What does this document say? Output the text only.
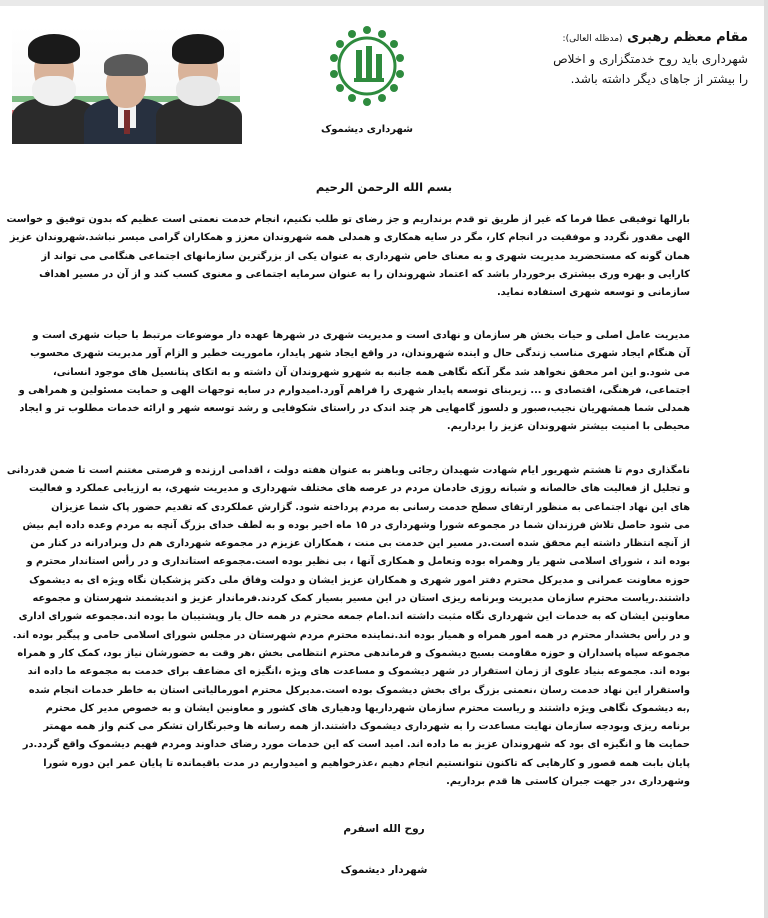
شهرداری دیشموک
مقام معظم رهبری (مدظله العالی):
شهرداری باید روح خدمتگزاری و اخلاص
را بیشتر از جاهای دیگر داشته باشد.
بسم الله الرحمن الرحیم

بارالها توفیقی عطا فرما که غیر از طریق تو قدم برنداریم و جز رضای تو طلب نکنیم، انجام خدمت نعمتی است عظیم که بدون توفیق و خواست

الهی مقدور نگردد و موفقیت در انجام کار، مگر در سایه همکاری و همدلی همه شهروندان معزز و همکاران گرامی میسر نباشد.شهروندان عزیز

همان گونه که مستحضرید مدیریت شهری و به معنای خاص شهرداری به عنوان یکی از بزرگترین سازمانهای اجتماعی هنگامی می تواند از

کارایی و بهره وری بیشتری برخوردار باشد که اعتماد شهروندان را به عنوان سرمایه اجتماعی و معنوی کسب کند و از آن در مسیر اهداف

سازمانی و توسعه شهری استفاده نماید.

مدیریت عامل اصلی و حیات بخش هر سازمان و نهادی است و مدیریت شهری در شهرها عهده دار موضوعات مرتبط با حیات شهری است و

آن هنگام ایجاد شهری مناسب زندگی حال و اینده شهروندان، در واقع ایجاد شهر پایدار، ماموریت خطیر و الزام آور مدیریت شهری محسوب

می شود.و این امر محقق نخواهد شد مگر آنکه نگاهی همه جانبه به شهرو شهروندان آن داشته و به اتکای پتانسیل های موجود انسانی،

اجتماعی، فرهنگی، اقتصادی و ... زیربنای توسعه پایدار شهری را فراهم آورد.امیدوارم در سایه توجهات الهی و حمایت مسئولین و همراهی و

همدلی شما همشهریان نجیب،صبور و دلسوز گامهایی هر چند اندک در راستای شکوفایی و رشد توسعه شهر و ارائه خدمات مطلوب تر و ایجاد

محیطی با امنیت بیشتر شهروندان عزیز را برداریم.

نامگذاری دوم تا هشتم شهریور ایام شهادت شهیدان رجائی وباهنر به عنوان هفته دولت ، اقدامی ارزنده و فرصتی مغتنم است تا ضمن قدردانی

و تجلیل از فعالیت های خالصانه و شبانه روزی خادمان مردم در عرصه های مختلف شهرداری و مدیریت شهری، به ارزیابی عملکرد و فعالیت

های این نهاد اجتماعی به منظور ارتقای سطح خدمت رسانی به مردم پرداخته شود. گزارش عملکردی که تقدیم حضور پاک شما عزیزان

می شود حاصل تلاش فرزندان شما در مجموعه شورا وشهرداری در ۱۵ ماه اخیر بوده و به لطف خدای بزرگ آنچه به مردم وعده داده ایم بیش

از آنچه انتظار داشته ایم محقق شده است.در مسیر این خدمت بی منت ، همکاران عزیزم در مجموعه شهرداری هم دل وبرادرانه در کنار من

بوده اند ، شورای اسلامی شهر یار وهمراه بوده وتعامل و همکاری آنها ، بی نظیر بوده است.مجموعه استانداری و در رأس استاندار محترم و

حوزه معاونت عمرانی و مدیرکل محترم دفتر امور شهری و همکاران عزیز ایشان و دولت وفاق ملی دکتر پزشکیان نگاه ویژه ای به دیشموک

داشتند.ریاست محترم سازمان مدیریت وبرنامه ریزی استان در این مسیر بسیار کمک کردند.فرماندار عزیز و اندیشمند شهرستان و مجموعه

معاونین ایشان که به خدمات این شهرداری نگاه مثبت داشته اند.امام جمعه محترم در همه حال یار وپشتیبان ما بوده اند.مجموعه شورای اداری

و در رأس بخشدار محترم در همه امور همراه و همیار بوده اند.نماینده محترم مردم شهرستان در مجلس شورای اسلامی حامی و پیگیر بوده اند.

مجموعه سپاه پاسداران و حوزه مقاومت بسیج دیشموک و فرماندهی محترم انتظامی بخش ،هر وقت به حضورشان نیاز بود، کمک کار و همراه

بوده اند. مجموعه بنیاد علوی از زمان استقرار در شهر دیشموک و مساعدت های ویژه ،انگیزه ای مضاعف برای خدمت به مجموعه ما داده اند

واستقرار این نهاد خدمت رسان ،نعمتی بزرگ برای بخش دیشموک بوده است.مدیرکل محترم امورمالیاتی استان به خاطر خدمات انجام شده

,به دیشموک نگاهی ویژه داشتند و ریاست محترم سازمان شهرداریها ودهیاری های کشور و معاونین ایشان و به خصوص مدیر کل محترم

برنامه ریزی وبودجه سازمان نهایت مساعدت را به شهرداری دیشموک داشتند.از همه رسانه ها وخبرنگاران تشکر می کنم واز همه مهمتر

حمایت ها و انگیزه ای بود که شهروندان عزیز به ما داده اند. امید است که این خدمات مورد رضای خداوند ومردم فهیم دیشموک واقع گردد.در

پایان بابت همه قصور و کارهایی که تاکنون نتوانستیم انجام دهیم ،عذرخواهیم و امیدواریم در مدت باقیمانده تا پایان عمر این دوره شورا

وشهرداری ،در جهت جبران کاستی ها قدم برداریم.

روح الله اسفرم
شهردار دیشموک
